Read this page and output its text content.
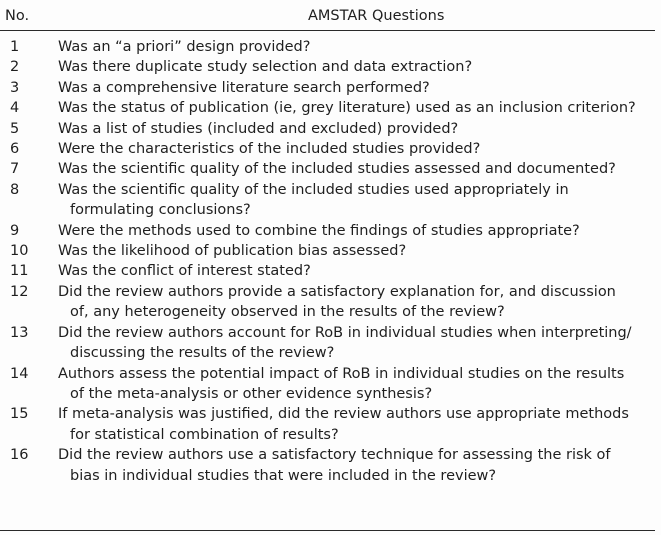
No.	AMSTAR Questions
1	Was an “a priori” design provided?
2	Was there duplicate study selection and data extraction?
3	Was a comprehensive literature search performed?
4	Was the status of publication (ie, grey literature) used as an inclusion criterion?
5	Was a list of studies (included and excluded) provided?
6	Were the characteristics of the included studies provided?
7	Was the scientific quality of the included studies assessed and documented?
8	Was the scientific quality of the included studies used appropriately in
formulating conclusions?
9	Were the methods used to combine the findings of studies appropriate?
10 Was the likelihood of publication bias assessed?
11 Was the conflict of interest stated?
12 Did the review authors provide a satisfactory explanation for, and discussion
of, any heterogeneity observed in the results of the review?
13 Did the review authors account for RoB in individual studies when interpreting/
discussing the results of the review?
14 Authors assess the potential impact of RoB in individual studies on the results
of the meta-analysis or other evidence synthesis?
15 If meta-analysis was justified, did the review authors use appropriate methods
for statistical combination of results?
16 Did the review authors use a satisfactory technique for assessing the risk of
bias in individual studies that were included in the review?
